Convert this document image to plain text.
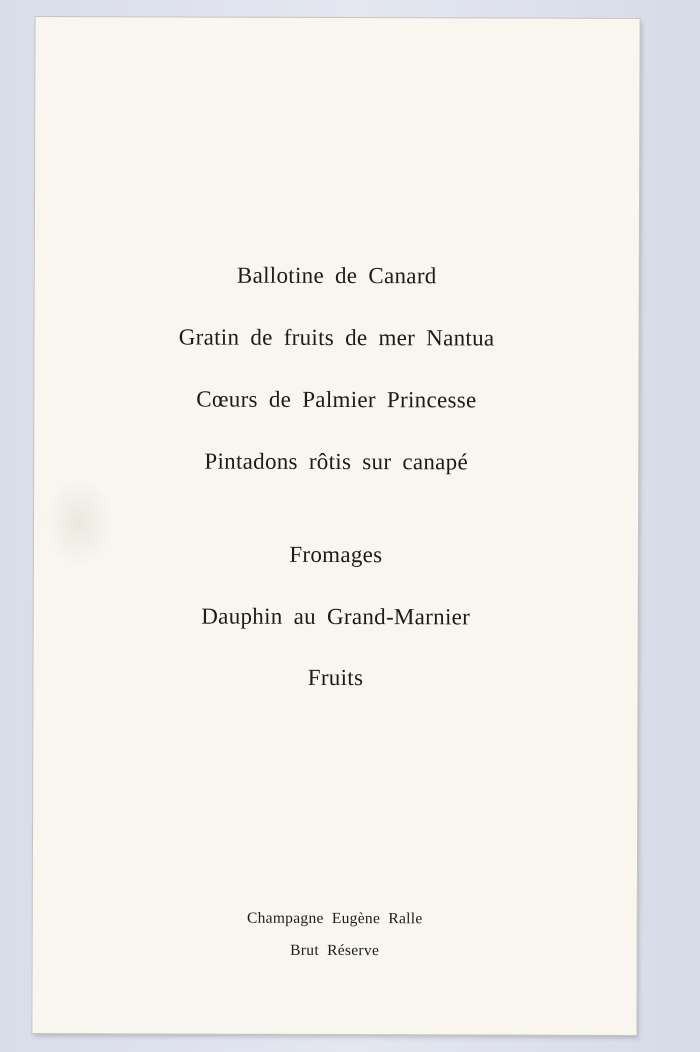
Ballotine de Canard
Gratin de fruits de mer Nantua
Cœurs de Palmier Princesse
Pintadons rôtis sur canapé
Fromages
Dauphin au Grand-Marnier
Fruits
Champagne Eugène Ralle
Brut Réserve
